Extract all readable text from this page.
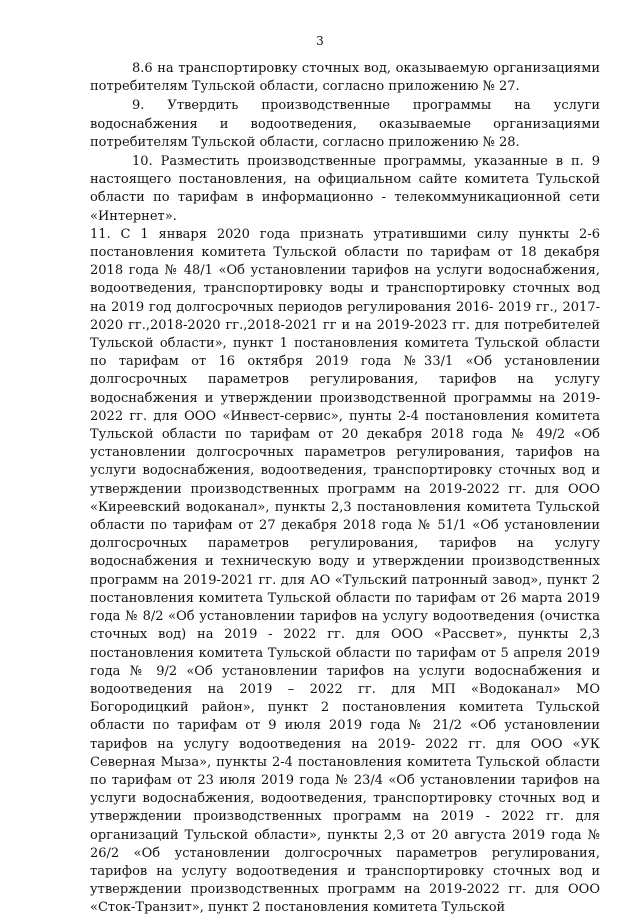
3

8.6 на транспортировку сточных вод, оказываемую организациями потребителям Тульской области, согласно приложению № 27.

9. Утвердить производственные программы на услуги водоснабжения и водоотведения, оказываемые организациями потребителям Тульской области, согласно приложению № 28.

10. Разместить производственные программы, указанные в п. 9 настоящего постановления, на официальном сайте комитета Тульской области по тарифам в информационно - телекоммуникационной сети «Интернет».

11. С 1 января 2020 года признать утратившими силу пункты 2-6 постановления комитета Тульской области по тарифам от 18 декабря 2018 года № 48/1 «Об установлении тарифов на услуги водоснабжения, водоотведения, транспортировку воды и транспортировку сточных вод на 2019 год долгосрочных периодов регулирования 2016- 2019 гг., 2017-2020 гг.,2018-2020 гг.,2018-2021 гг и на 2019-2023 гг. для потребителей Тульской области», пункт 1 постановления комитета Тульской области по тарифам от 16 октября 2019 года №33/1 «Об установлении долгосрочных параметров регулирования, тарифов на услугу водоснабжения и утверждении производственной программы на 2019-2022 гг. для ООО «Инвест-сервис», пунты 2-4 постановления комитета Тульской области по тарифам от 20 декабря 2018 года № 49/2 «Об установлении долгосрочных параметров регулирования, тарифов на услуги водоснабжения, водоотведения, транспортировку сточных вод и утверждении производственных программ на 2019-2022 гг. для ООО «Киреевский водоканал», пункты 2,3 постановления комитета Тульской области по тарифам от 27 декабря 2018 года № 51/1 «Об установлении долгосрочных параметров регулирования, тарифов на услугу водоснабжения и техническую воду и утверждении производственных программ на 2019-2021 гг. для АО «Тульский патронный завод», пункт 2 постановления комитета Тульской области по тарифам от 26 марта 2019 года № 8/2 «Об установлении тарифов на услугу водоотведения (очистка сточных вод) на 2019 - 2022 гг. для ООО «Рассвет», пункты 2,3 постановления комитета Тульской области по тарифам от 5 апреля 2019 года № 9/2 «Об установлении тарифов на услуги водоснабжения и водоотведения на 2019 – 2022 гг. для МП «Водоканал» МО Богородицкий район», пункт 2 постановления комитета Тульской области по тарифам от 9 июля 2019 года № 21/2 «Об установлении тарифов на услугу водоотведения на 2019- 2022 гг. для ООО «УК Северная Мыза», пункты 2-4 постановления комитета Тульской области по тарифам от 23 июля 2019 года № 23/4 «Об установлении тарифов на услуги водоснабжения, водоотведения, транспортировку сточных вод и утверждении производственных программ на 2019 - 2022 гг. для организаций Тульской области», пункты 2,3 от 20 августа 2019 года № 26/2 «Об установлении долгосрочных параметров регулирования, тарифов на услугу водоотведения и транспортировку сточных вод и утверждении производственных программ на 2019-2022 гг. для ООО «Сток-Транзит», пункт 2 постановления комитета Тульской
